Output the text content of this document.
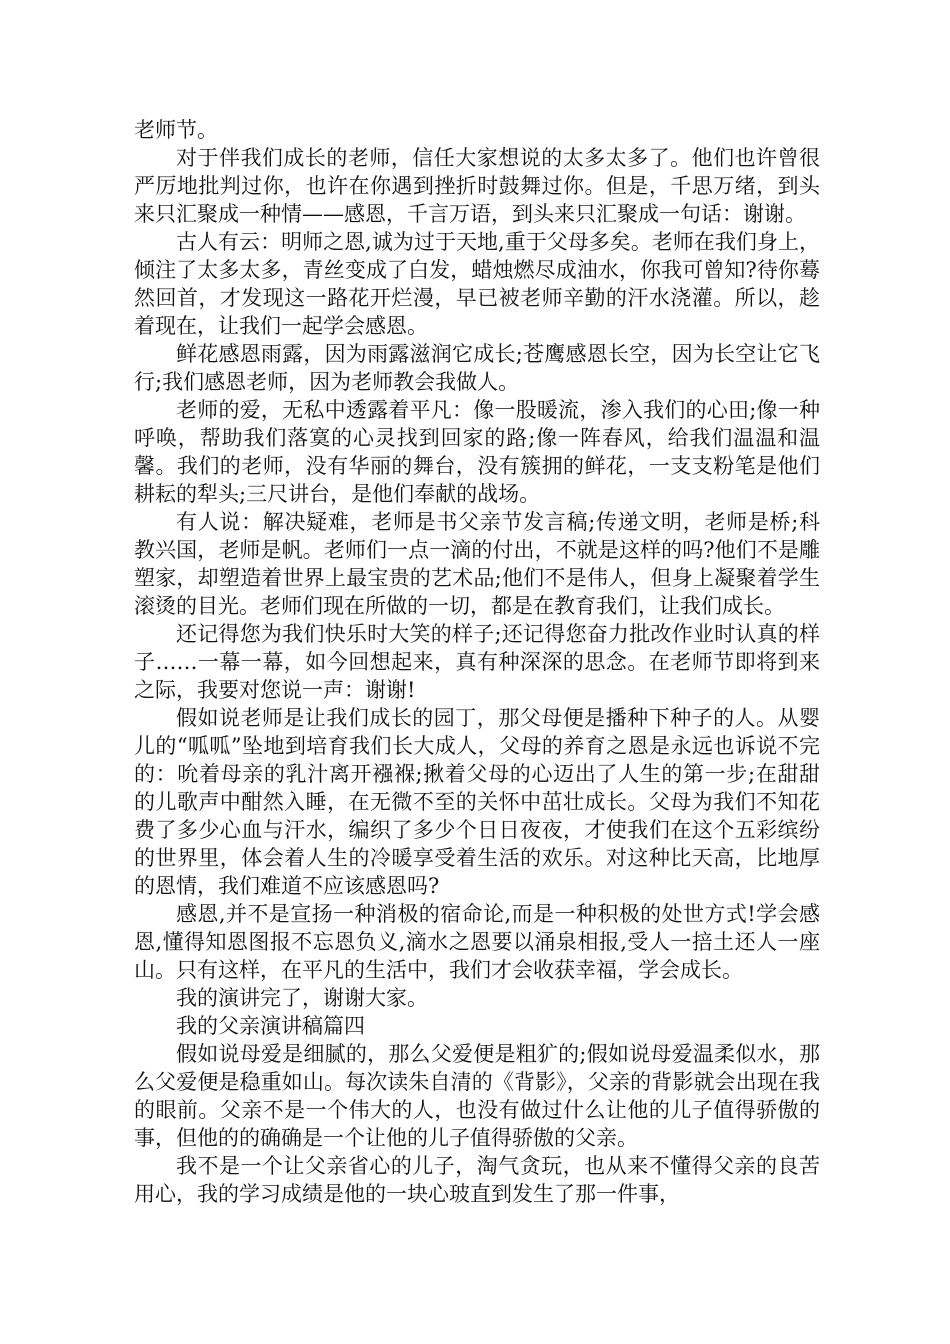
老师节。

对于伴我们成长的老师，信任大家想说的太多太多了。他们也许曾很严厉地批判过你，也许在你遇到挫折时鼓舞过你。但是，千思万绪，到头来只汇聚成一种情——感恩，千言万语，到头来只汇聚成一句话：谢谢。

古人有云：明师之恩,诚为过于天地,重于父母多矣。老师在我们身上，倾注了太多太多，青丝变成了白发，蜡烛燃尽成油水，你我可曾知?待你蓦然回首，才发现这一路花开烂漫，早已被老师辛勤的汗水浇灌。所以，趁着现在，让我们一起学会感恩。

鲜花感恩雨露，因为雨露滋润它成长;苍鹰感恩长空，因为长空让它飞行;我们感恩老师，因为老师教会我做人。

老师的爱，无私中透露着平凡：像一股暖流，渗入我们的心田;像一种呼唤，帮助我们落寞的心灵找到回家的路;像一阵春风，给我们温温和温馨。我们的老师，没有华丽的舞台，没有簇拥的鲜花，一支支粉笔是他们耕耘的犁头;三尺讲台，是他们奉献的战场。

有人说：解决疑难，老师是书父亲节发言稿;传递文明，老师是桥;科教兴国，老师是帆。老师们一点一滴的付出，不就是这样的吗?他们不是雕塑家，却塑造着世界上最宝贵的艺术品;他们不是伟人，但身上凝聚着学生滚烫的目光。老师们现在所做的一切，都是在教育我们，让我们成长。

还记得您为我们快乐时大笑的样子;还记得您奋力批改作业时认真的样子……一幕一幕，如今回想起来，真有种深深的思念。在老师节即将到来之际，我要对您说一声：谢谢!

假如说老师是让我们成长的园丁，那父母便是播种下种子的人。从婴儿的“呱呱”坠地到培育我们长大成人，父母的养育之恩是永远也诉说不完的：吮着母亲的乳汁离开襁褓;揪着父母的心迈出了人生的第一步;在甜甜的儿歌声中酣然入睡，在无微不至的关怀中茁壮成长。父母为我们不知花费了多少心血与汗水，编织了多少个日日夜夜，才使我们在这个五彩缤纷的世界里，体会着人生的冷暖享受着生活的欢乐。对这种比天高，比地厚的恩情，我们难道不应该感恩吗?

感恩,并不是宣扬一种消极的宿命论,而是一种积极的处世方式!学会感恩,懂得知恩图报不忘恩负义,滴水之恩要以涌泉相报,受人一掊土还人一座山。只有这样，在平凡的生活中，我们才会收获幸福，学会成长。

我的演讲完了，谢谢大家。

我的父亲演讲稿篇四

假如说母爱是细腻的，那么父爱便是粗犷的;假如说母爱温柔似水，那么父爱便是稳重如山。每次读朱自清的《背影》，父亲的背影就会出现在我的眼前。父亲不是一个伟大的人，也没有做过什么让他的儿子值得骄傲的事，但他的的确确是一个让他的儿子值得骄傲的父亲。

我不是一个让父亲省心的儿子，淘气贪玩，也从来不懂得父亲的良苦用心，我的学习成绩是他的一块心玻直到发生了那一件事，
